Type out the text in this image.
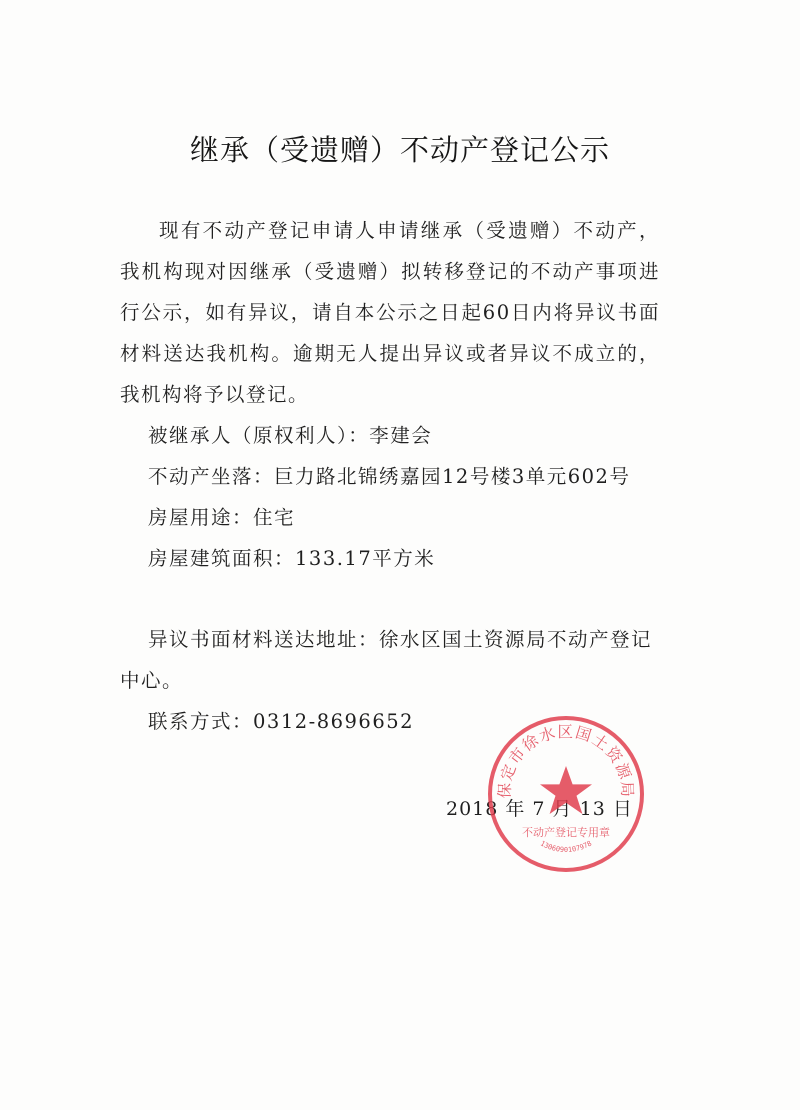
继承（受遗赠）不动产登记公示

现有不动产登记申请人申请继承（受遗赠）不动产，我机构现对因继承（受遗赠）拟转移登记的不动产事项进行公示，如有异议，请自本公示之日起60日内将异议书面材料送达我机构。逾期无人提出异议或者异议不成立的，我机构将予以登记。

被继承人（原权利人）：李建会

不动产坐落：巨力路北锦绣嘉园12号楼3单元602号

房屋用途：住宅

房屋建筑面积：133.17平方米

异议书面材料送达地址：徐水区国土资源局不动产登记中心。

联系方式：0312-8696652

2018 年 7 月 13 日
保定市徐水区国土资源局
不动产登记专用章
1306090107978
